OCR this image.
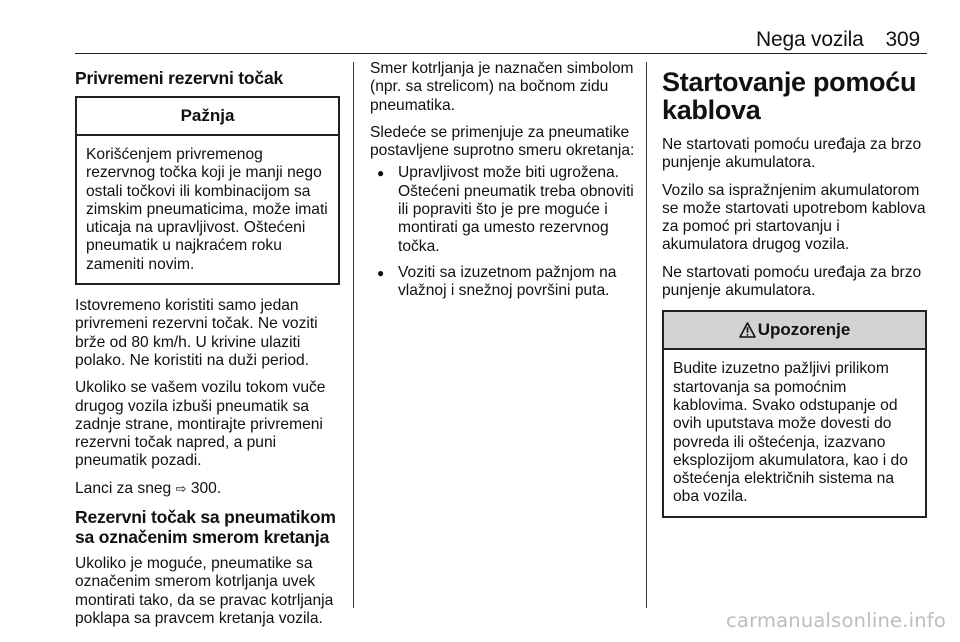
Nega vozila 309
Privremeni rezervni točak
Pažnja
Korišćenjem privremenog rezervnog točka koji je manji nego ostali točkovi ili kombinacijom sa zimskim pneumaticima, može imati uticaja na upravljivost. Oštećeni pneumatik u najkraćem roku zameniti novim.

Istovremeno koristiti samo jedan privremeni rezervni točak. Ne voziti brže od 80 km/h. U krivine ulaziti polako. Ne koristiti na duži period.

Ukoliko se vašem vozilu tokom vuče drugog vozila izbuši pneumatik sa zadnje strane, montirajte privremeni rezervni točak napred, a puni pneumatik pozadi.

Lanci za sneg ⇨ 300.

Rezervni točak sa pneumatikom sa označenim smerom kretanja

Ukoliko je moguće, pneumatike sa označenim smerom kotrljanja uvek montirati tako, da se pravac kotrljanja poklapa sa pravcem kretanja vozila.

Smer kotrljanja je naznačen simbolom (npr. sa strelicom) na bočnom zidu pneumatika.

Sledeće se primenjuje za pneumatike postavljene suprotno smeru okretanja:

● Upravljivost može biti ugrožena. Oštećeni pneumatik treba obnoviti ili popraviti što je pre moguće i montirati ga umesto rezervnog točka.
● Voziti sa izuzetnom pažnjom na vlažnoj i snežnoj površini puta.
Startovanje pomoću kablova

Ne startovati pomoću uređaja za brzo punjenje akumulatora.

Vozilo sa ispražnjenim akumulatorom se može startovati upotrebom kablova za pomoć pri startovanju i akumulatora drugog vozila.

Ne startovati pomoću uređaja za brzo punjenje akumulatora.

Upozorenje
Budite izuzetno pažljivi prilikom startovanja sa pomoćnim kablovima. Svako odstupanje od ovih uputstava može dovesti do povreda ili oštećenja, izazvano eksplozijom akumulatora, kao i do oštećenja električnih sistema na oba vozila.
carmanualsonline.info
